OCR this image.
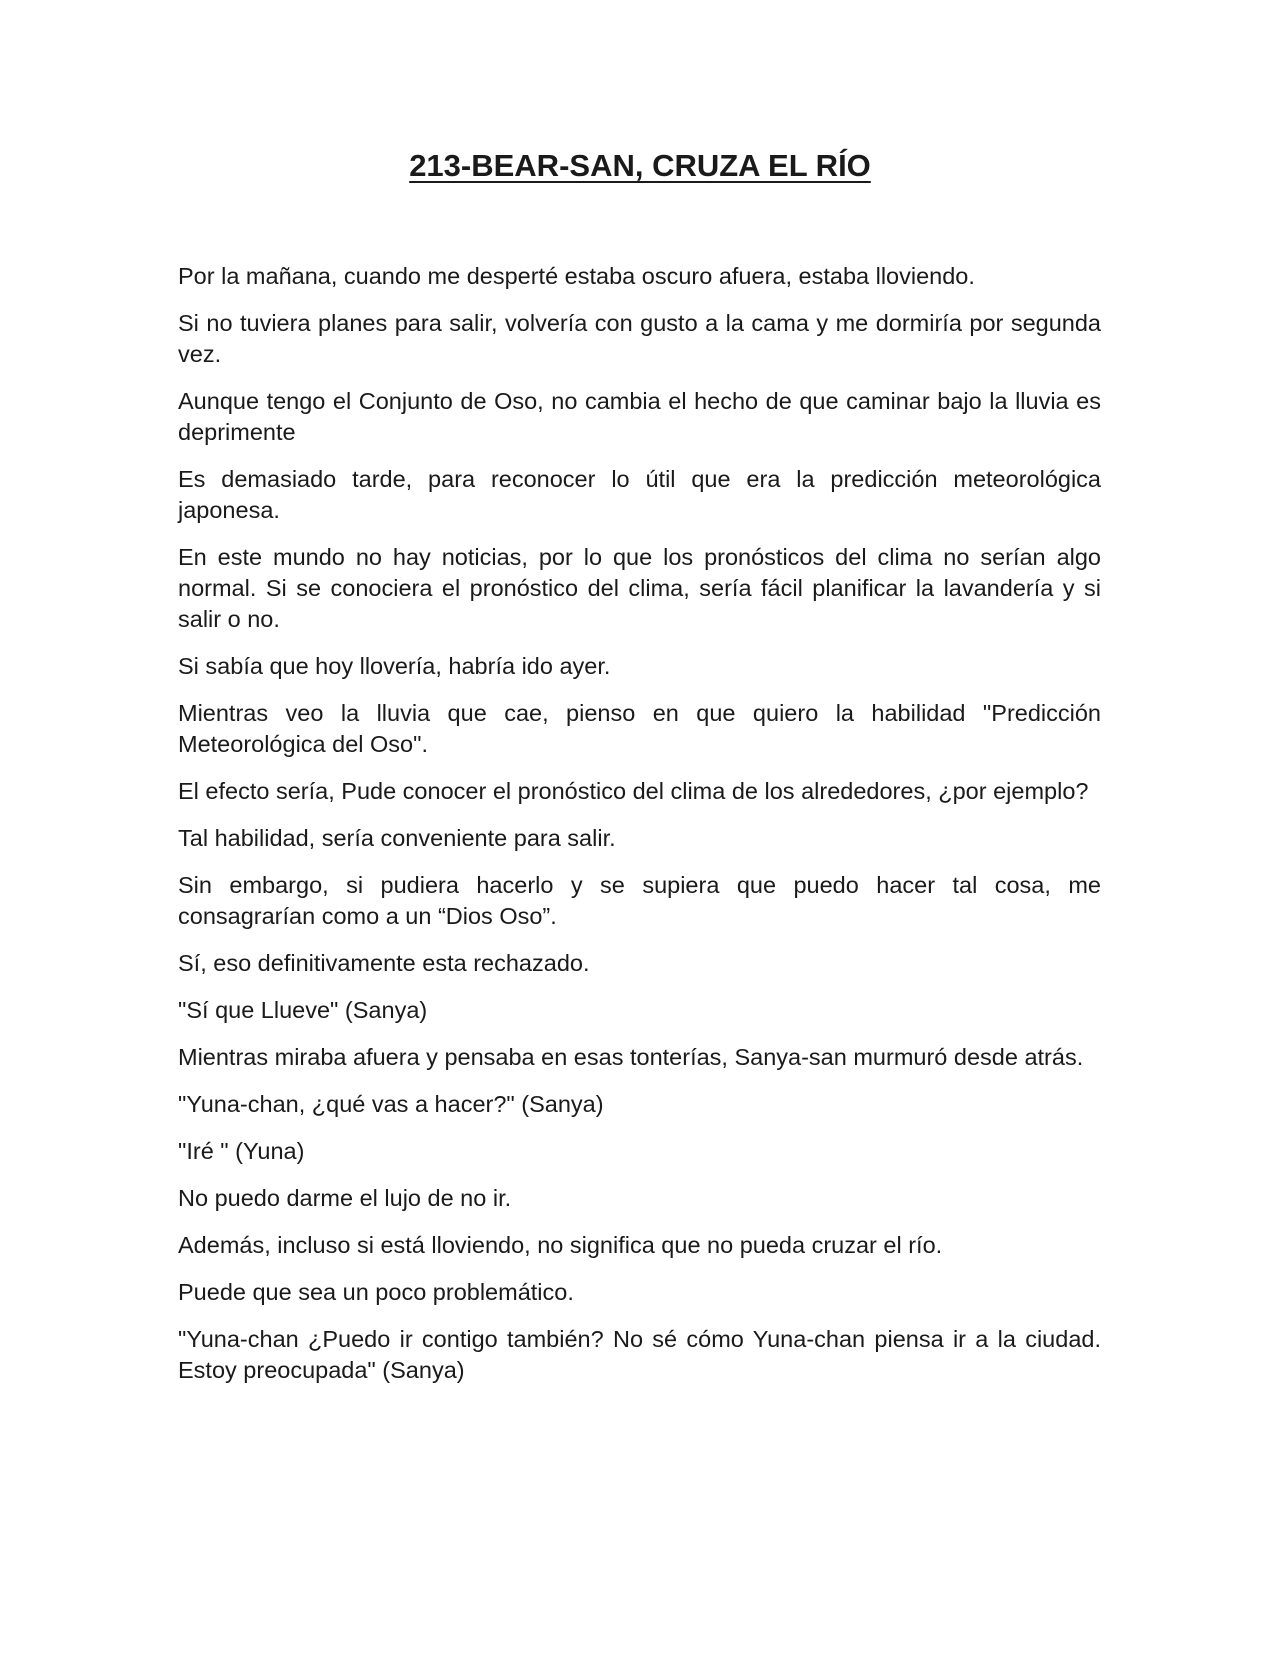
213-BEAR-SAN, CRUZA EL RÍO

Por la mañana, cuando me desperté estaba oscuro afuera, estaba lloviendo.

Si no tuviera planes para salir, volvería con gusto a la cama y me dormiría por segunda vez.

Aunque tengo el Conjunto de Oso, no cambia el hecho de que caminar bajo la lluvia es deprimente

Es demasiado tarde, para reconocer lo útil que era la predicción meteorológica japonesa.

En este mundo no hay noticias, por lo que los pronósticos del clima no serían algo normal. Si se conociera el pronóstico del clima, sería fácil planificar la lavandería y si salir o no.

Si sabía que hoy llovería, habría ido ayer.

Mientras veo la lluvia que cae, pienso en que quiero la habilidad "Predicción Meteorológica del Oso".

El efecto sería, Pude conocer el pronóstico del clima de los alrededores, ¿por ejemplo?

Tal habilidad, sería conveniente para salir.

Sin embargo, si pudiera hacerlo y se supiera que puedo hacer tal cosa, me consagrarían como a un “Dios Oso”.

Sí, eso definitivamente esta rechazado.

"Sí que Llueve" (Sanya)

Mientras miraba afuera y pensaba en esas tonterías, Sanya-san murmuró desde atrás.

"Yuna-chan, ¿qué vas a hacer?" (Sanya)

"Iré " (Yuna)

No puedo darme el lujo de no ir.

Además, incluso si está lloviendo, no significa que no pueda cruzar el río.

Puede que sea un poco problemático.

"Yuna-chan ¿Puedo ir contigo también? No sé cómo Yuna-chan piensa ir a la ciudad. Estoy preocupada" (Sanya)
